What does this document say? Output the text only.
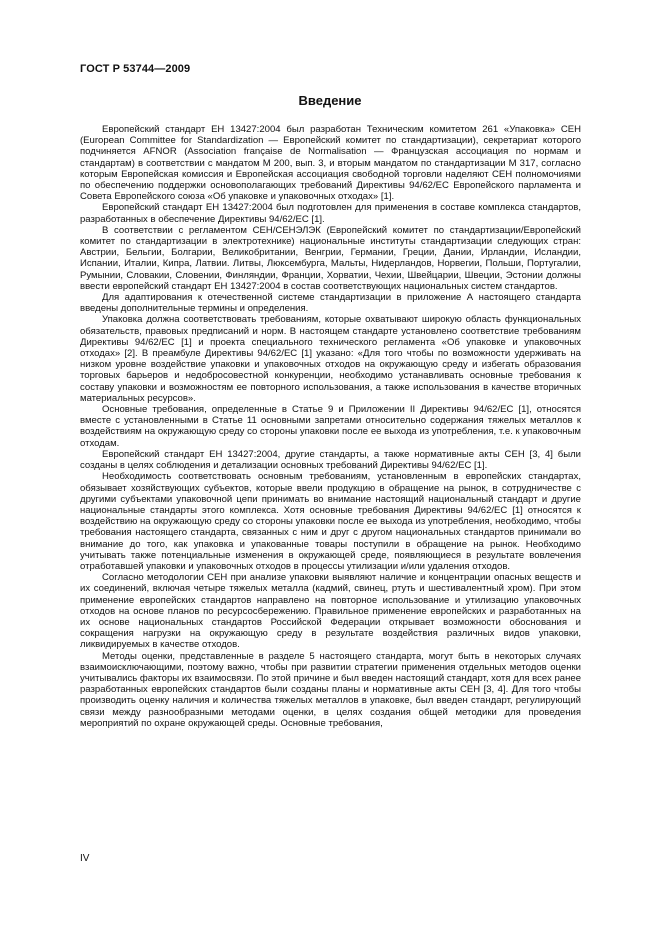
ГОСТ Р 53744—2009
Введение

Европейский стандарт ЕН 13427:2004 был разработан Техническим комитетом 261 «Упаковка» СЕН (European Committee for Standardization — Европейский комитет по стандартизации), секретариат которого подчиняется AFNOR (Association française de Normalisation — Французская ассоциация по нормам и стандартам) в соответствии с мандатом М 200, вып. 3, и вторым мандатом по стандартизации М 317, согласно которым Европейская комиссия и Европейская ассоциация свободной торговли наделяют СЕН полномочиями по обеспечению поддержки основополагающих требований Директивы 94/62/ЕС Европейского парламента и Совета Европейского союза «Об упаковке и упаковочных отходах» [1].

Европейский стандарт ЕН 13427:2004 был подготовлен для применения в составе комплекса стандартов, разработанных в обеспечение Директивы 94/62/ЕС [1].

В соответствии с регламентом СЕН/СЕНЭЛЭК (Европейский комитет по стандартизации/Европейский комитет по стандартизации в электротехнике) национальные институты стандартизации следующих стран: Австрии, Бельгии, Болгарии, Великобритании, Венгрии, Германии, Греции, Дании, Ирландии, Исландии, Испании, Италии, Кипра, Латвии. Литвы, Люксембурга, Мальты, Нидерландов, Норвегии, Польши, Португалии, Румынии, Словакии, Словении, Финляндии, Франции, Хорватии, Чехии, Швейцарии, Швеции, Эстонии должны ввести европейский стандарт ЕН 13427:2004 в состав соответствующих национальных систем стандартов.

Для адаптирования к отечественной системе стандартизации в приложение А настоящего стандарта введены дополнительные термины и определения.

Упаковка должна соответствовать требованиям, которые охватывают широкую область функциональных обязательств, правовых предписаний и норм. В настоящем стандарте установлено соответствие требованиям Директивы 94/62/ЕС [1] и проекта специального технического регламента «Об упаковке и упаковочных отходах» [2]. В преамбуле Директивы 94/62/ЕС [1] указано: «Для того чтобы по возможности удерживать на низком уровне воздействие упаковки и упаковочных отходов на окружающую среду и избегать образования торговых барьеров и недобросовестной конкуренции, необходимо устанавливать основные требования к составу упаковки и возможностям ее повторного использования, а также использования в качестве вторичных материальных ресурсов».

Основные требования, определенные в Статье 9 и Приложении II Директивы 94/62/ЕС [1], относятся вместе с установленными в Статье 11 основными запретами относительно содержания тяжелых металлов к воздействиям на окружающую среду со стороны упаковки после ее выхода из употребления, т.е. к упаковочным отходам.

Европейский стандарт ЕН 13427:2004, другие стандарты, а также нормативные акты СЕН [3, 4] были созданы в целях соблюдения и детализации основных требований Директивы 94/62/ЕС [1].

Необходимость соответствовать основным требованиям, установленным в европейских стандартах, обязывает хозяйствующих субъектов, которые ввели продукцию в обращение на рынок, в сотрудничестве с другими субъектами упаковочной цепи принимать во внимание настоящий национальный стандарт и другие национальные стандарты этого комплекса. Хотя основные требования Директивы 94/62/ЕС [1] относятся к воздействию на окружающую среду со стороны упаковки после ее выхода из употребления, необходимо, чтобы требования настоящего стандарта, связанных с ним и друг с другом национальных стандартов принимали во внимание до того, как упаковка и упакованные товары поступили в обращение на рынок. Необходимо учитывать также потенциальные изменения в окружающей среде, появляющиеся в результате вовлечения отработавшей упаковки и упаковочных отходов в процессы утилизации и/или удаления отходов.

Согласно методологии СЕН при анализе упаковки выявляют наличие и концентрации опасных веществ и их соединений, включая четыре тяжелых металла (кадмий, свинец, ртуть и шестивалентный хром). При этом применение европейских стандартов направлено на повторное использование и утилизацию упаковочных отходов на основе планов по ресурсосбережению. Правильное применение европейских и разработанных на их основе национальных стандартов Российской Федерации открывает возможности обоснования и сокращения нагрузки на окружающую среду в результате воздействия различных видов упаковки, ликвидируемых в качестве отходов.

Методы оценки, представленные в разделе 5 настоящего стандарта, могут быть в некоторых случаях взаимоисключающими, поэтому важно, чтобы при развитии стратегии применения отдельных методов оценки учитывались факторы их взаимосвязи. По этой причине и был введен настоящий стандарт, хотя для всех ранее разработанных европейских стандартов были созданы планы и нормативные акты СЕН [3, 4]. Для того чтобы производить оценку наличия и количества тяжелых металлов в упаковке, был введен стандарт, регулирующий связи между разнообразными методами оценки, в целях создания общей методики для проведения мероприятий по охране окружающей среды. Основные требования,

IV
